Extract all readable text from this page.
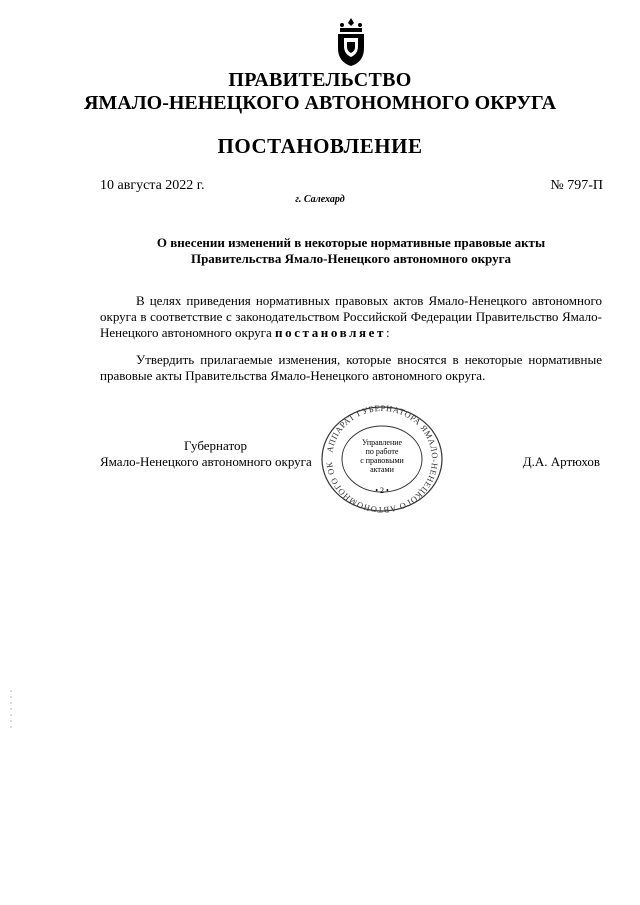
ПРАВИТЕЛЬСТВО
ЯМАЛО-НЕНЕЦКОГО АВТОНОМНОГО ОКРУГА
ПОСТАНОВЛЕНИЕ
10 августа 2022 г.	№ 797-П
г. Салехард
О внесении изменений в некоторые нормативные правовые акты
Правительства Ямало-Ненецкого автономного округа
В целях приведения нормативных правовых актов Ямало-Ненецкого автономного округа в соответствие с законодательством Российской Федерации Правительство Ямало-Ненецкого автономного округа постановляет:
Утвердить прилагаемые изменения, которые вносятся в некоторые нормативные правовые акты Правительства Ямало-Ненецкого автономного округа.
Губернатор
Ямало-Ненецкого автономного округа	Д.А. Артюхов
АППАРАТ ГУБЕРНАТОРА ЯМАЛО-НЕНЕЦКОГО АВТОНОМНОГО ОК
Управление
по работе
с правовыми
актами
• 2 •
